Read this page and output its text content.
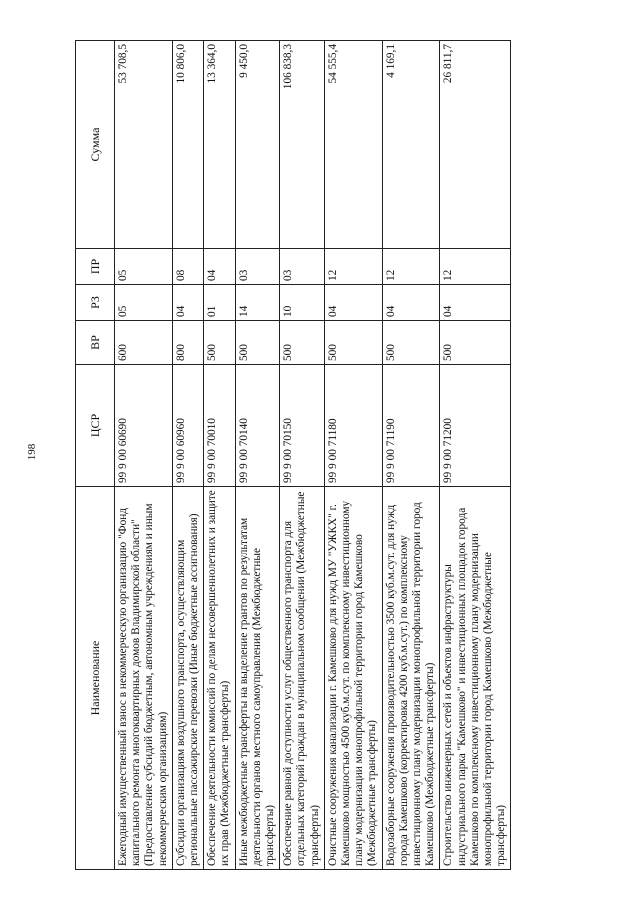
198
Наименование	ЦСР	ВР	РЗ	ПР	Сумма
Ежегодный имущественный взнос в некоммерческую организацию "Фонд капитального ремонта многоквартирных домов Владимирской области" (Предоставление субсидий бюджетным, автономным учреждениям и иным некоммерческим организациям)	99 9 00 60690	600	05	05	53 708,5
Субсидии организациям воздушного транспорта, осуществляющим региональные пассажирские перевозки (Иные бюджетные ассигнования)	99 9 00 60960	800	04	08	10 806,0
Обеспечение деятельности комиссий по делам несовершеннолетних и защите их прав (Межбюджетные трансферты)	99 9 00 70010	500	01	04	13 364,0
Иные межбюджетные трансферты на выделение грантов по результатам деятельности органов местного самоуправления (Межбюджетные трансферты)	99 9 00 70140	500	14	03	9 450,0
Обеспечение равной доступности услуг общественного транспорта для отдельных категорий граждан в муниципальном сообщении (Межбюджетные трансферты)	99 9 00 70150	500	10	03	106 838,3
Очистные сооружения канализации г. Камешково для нужд МУ "УЖКХ" г. Камешково мощностью 4500 куб.м.сут. по комплексному инвестиционному плану модернизации монопрофильной территории город Камешково (Межбюджетные трансферты)	99 9 00 71180	500	04	12	54 555,4
Водозаборные сооружения производительностью 3500 куб.м.сут. для нужд города Камешково (корректировка 4200 куб.м.сут.) по комплексному инвестиционному плану модернизации монопрофильной территории город Камешково (Межбюджетные трансферты)	99 9 00 71190	500	04	12	4 169,1
Строительство инженерных сетей и объектов инфраструктуры индустриального парка "Камешково" и инвестиционных площадок города Камешково по комплексному инвестиционному плану модернизации монопрофильной территории город Камешково (Межбюджетные трансферты)	99 9 00 71200	500	04	12	26 811,7
